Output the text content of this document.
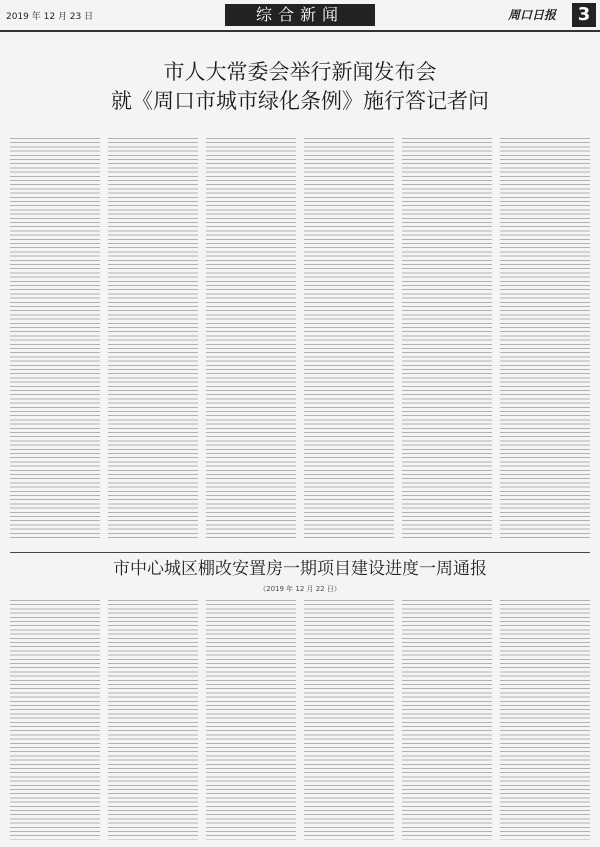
2019 年 12 月 23 日	综合新闻	周口日报	3
市人大常委会举行新闻发布会
就《周口市城市绿化条例》施行答记者问
市中心城区棚改安置房一期项目建设进度一周通报
（2019 年 12 月 22 日）
